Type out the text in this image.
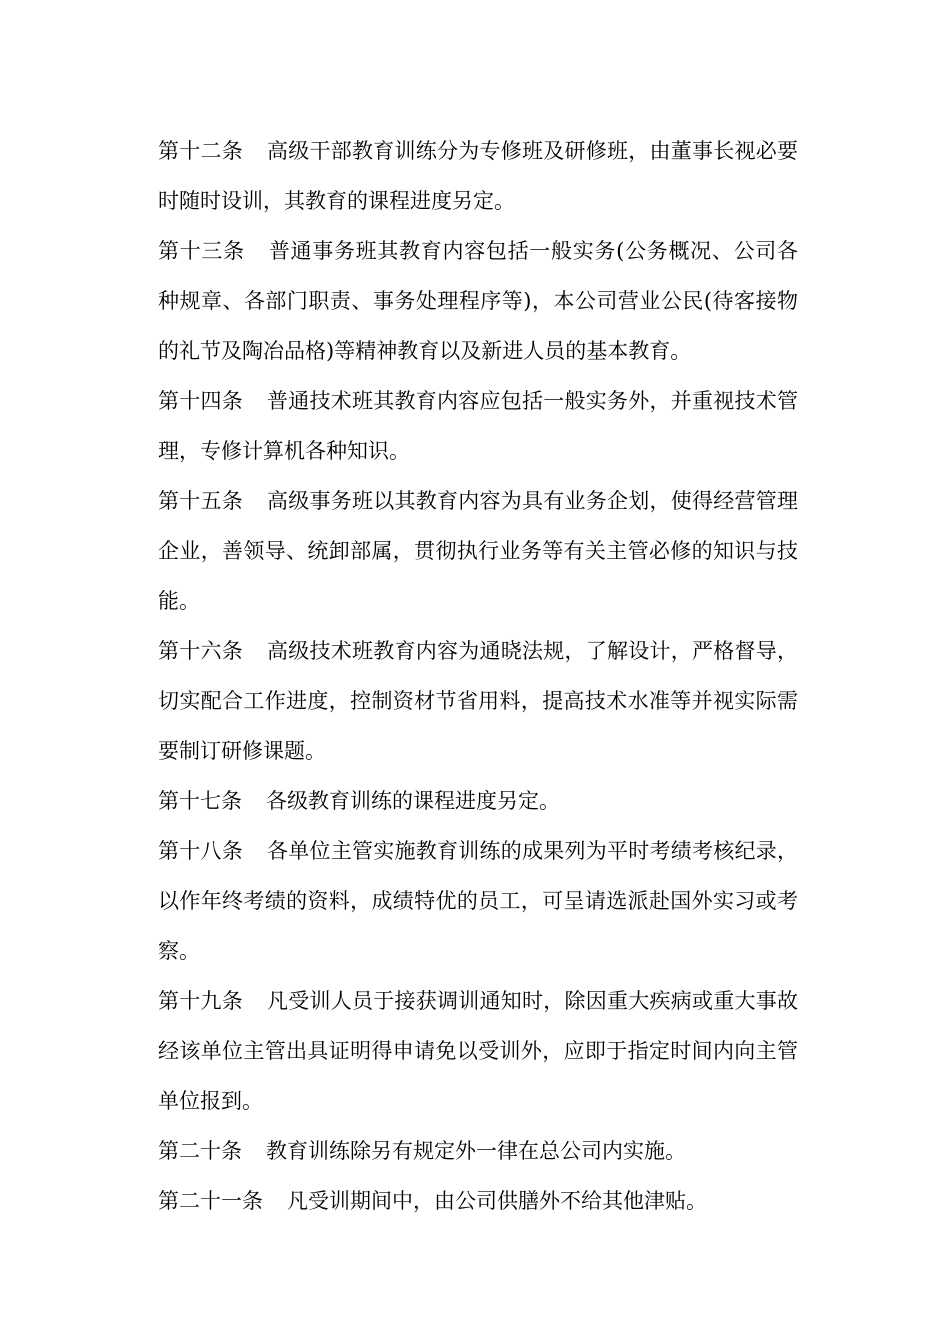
第十二条 高级干部教育训练分为专修班及研修班，由董事长视必要时随时设训，其教育的课程进度另定。

第十三条 普通事务班其教育内容包括一般实务(公务概况、公司各种规章、各部门职责、事务处理程序等)，本公司营业公民(待客接物的礼节及陶冶品格)等精神教育以及新进人员的基本教育。

第十四条 普通技术班其教育内容应包括一般实务外，并重视技术管理，专修计算机各种知识。

第十五条 高级事务班以其教育内容为具有业务企划，使得经营管理企业，善领导、统卸部属，贯彻执行业务等有关主管必修的知识与技能。

第十六条 高级技术班教育内容为通晓法规，了解设计，严格督导，切实配合工作进度，控制资材节省用料，提高技术水准等并视实际需要制订研修课题。

第十七条 各级教育训练的课程进度另定。

第十八条 各单位主管实施教育训练的成果列为平时考绩考核纪录，以作年终考绩的资料，成绩特优的员工，可呈请选派赴国外实习或考察。

第十九条 凡受训人员于接获调训通知时，除因重大疾病或重大事故经该单位主管出具证明得申请免以受训外，应即于指定时间内向主管单位报到。

第二十条 教育训练除另有规定外一律在总公司内实施。

第二十一条 凡受训期间中，由公司供膳外不给其他津贴。
